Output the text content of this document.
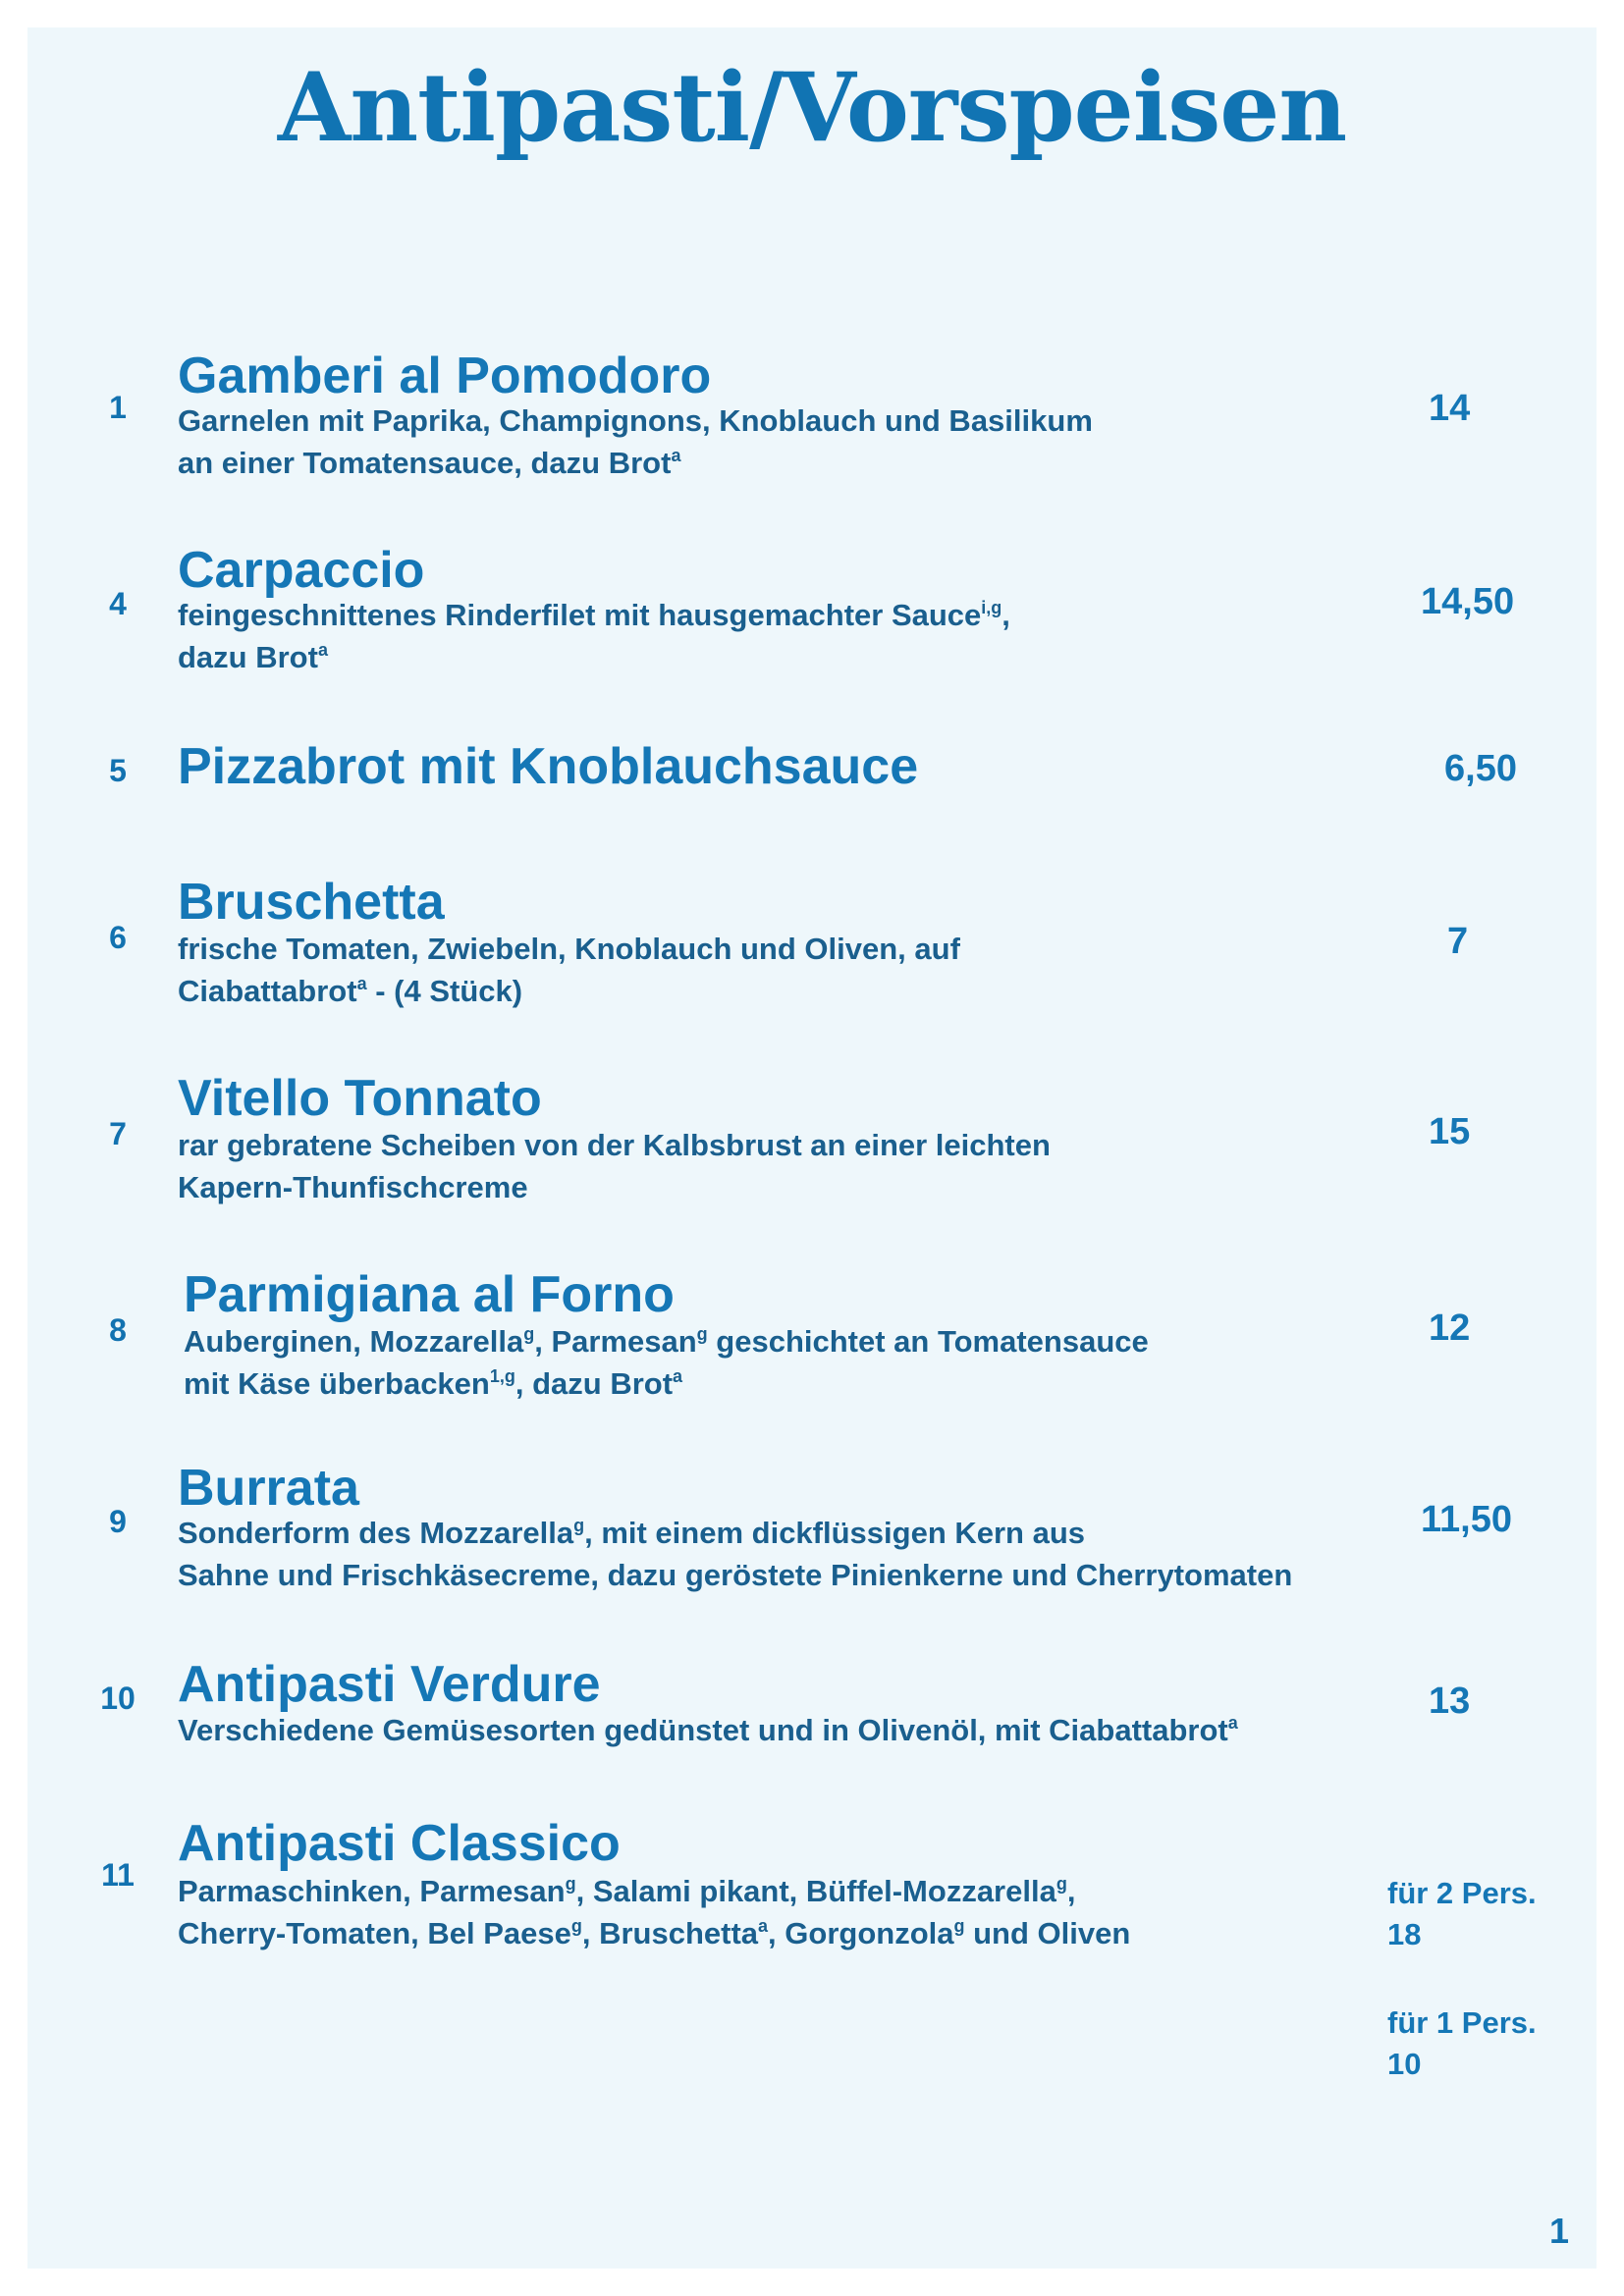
Antipasti/Vorspeisen
1
Gamberi al Pomodoro
Garnelen mit Paprika, Champignons, Knoblauch und Basilikum
an einer Tomatensauce, dazu Brot$^a$
14
4
Carpaccio
feingeschnittenes Rinderfilet mit hausgemachter Sauce$^{i,g}$,
dazu Brot$^a$
14,50
5	Pizzabrot mit Knoblauchsauce	6,50
6
Bruschetta
frische Tomaten, Zwiebeln, Knoblauch und Oliven, auf
Ciabattabrot$^a$ - (4 Stück)
7
7
Vitello Tonnato
rar gebratene Scheiben von der Kalbsbrust an einer leichten
Kapern-Thunfischcreme
15
8
Parmigiana al Forno
Auberginen, Mozzarella$^g$, Parmesan$^g$ geschichtet an Tomatensauce
mit Käse überbacken$^{1,g}$, dazu Brot$^a$
12
9
Burrata
Sonderform des Mozzarella$^g$, mit einem dickflüssigen Kern aus
Sahne und Frischkäsecreme, dazu geröstete Pinienkerne und Cherrytomaten
11,50
10 Antipasti Verdure
Verschiedene Gemüsesorten gedünstet und in Olivenöl, mit Ciabattabrot$^a$
13
11
Antipasti Classico
Parmaschinken, Parmesan$^g$, Salami pikant, Büffel-Mozzarella$^g$,
Cherry-Tomaten, Bel Paese$^g$, Bruschetta$^a$, Gorgonzola$^g$ und Oliven
für 2 Pers.
18
für 1 Pers.
10
1
